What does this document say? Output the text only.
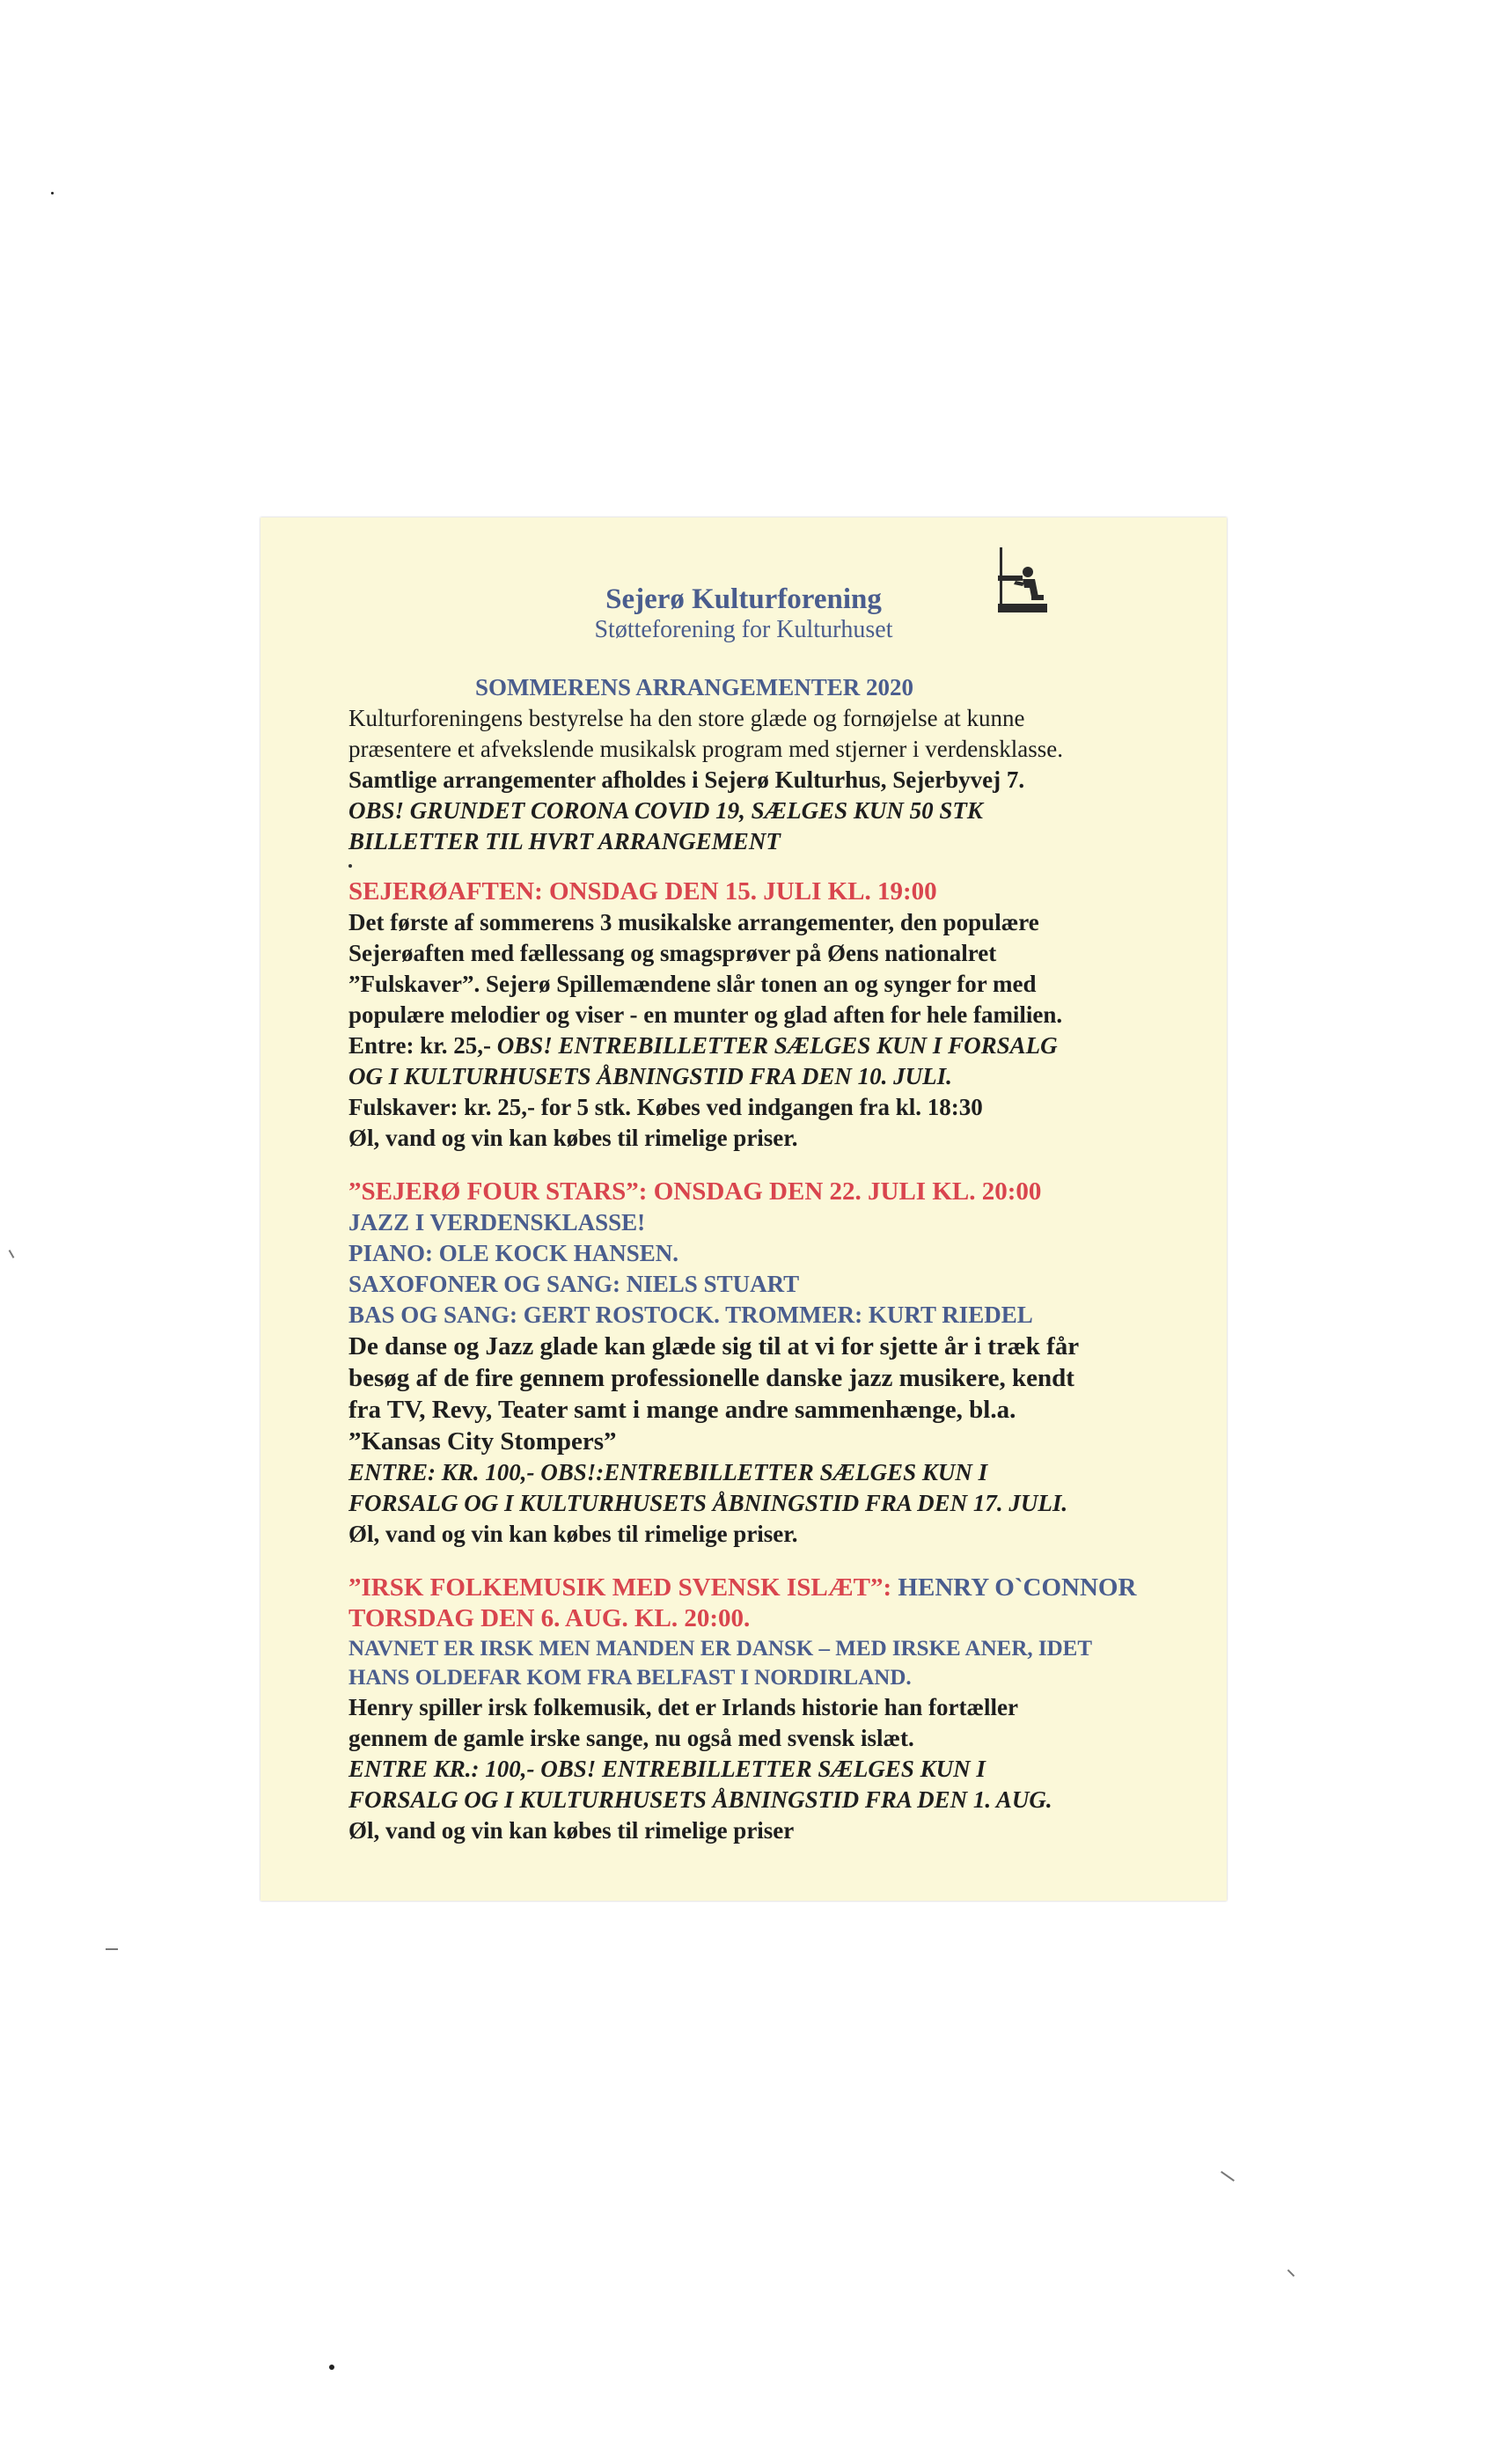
Sejerø Kulturforening
Støtteforening for Kulturhuset
SOMMERENS ARRANGEMENTER 2020
Kulturforeningens bestyrelse ha den store glæde og fornøjelse at kunne
præsentere et afvekslende musikalsk program med stjerner i verdensklasse.
Samtlige arrangementer afholdes i Sejerø Kulturhus, Sejerbyvej 7.
OBS! GRUNDET CORONA COVID 19, SÆLGES KUN 50 STK
BILLETTER TIL HVRT ARRANGEMENT
SEJERØAFTEN: ONSDAG DEN 15. JULI KL. 19:00
Det første af sommerens 3 musikalske arrangementer, den populære
Sejerøaften med fællessang og smagsprøver på Øens nationalret
”Fulskaver”. Sejerø Spillemændene slår tonen an og synger for med
populære melodier og viser - en munter og glad aften for hele familien.
Entre: kr. 25,- OBS! ENTREBILLETTER SÆLGES KUN I FORSALG
OG I KULTURHUSETS ÅBNINGSTID FRA DEN 10. JULI.
Fulskaver: kr. 25,- for 5 stk. Købes ved indgangen fra kl. 18:30
Øl, vand og vin kan købes til rimelige priser.
”SEJERØ FOUR STARS”: ONSDAG DEN 22. JULI KL. 20:00
JAZZ I VERDENSKLASSE!
PIANO: OLE KOCK HANSEN.
SAXOFONER OG SANG: NIELS STUART
BAS OG SANG: GERT ROSTOCK. TROMMER: KURT RIEDEL
De danse og Jazz glade kan glæde sig til at vi for sjette år i træk får
besøg af de fire gennem professionelle danske jazz musikere, kendt
fra TV, Revy, Teater samt i mange andre sammenhænge, bl.a.
”Kansas City Stompers”
ENTRE: KR. 100,- OBS!:ENTREBILLETTER SÆLGES KUN I
FORSALG OG I KULTURHUSETS ÅBNINGSTID FRA DEN 17. JULI.
Øl, vand og vin kan købes til rimelige priser.
”IRSK FOLKEMUSIK MED SVENSK ISLÆT”: HENRY O`CONNOR
TORSDAG DEN 6. AUG. KL. 20:00.
NAVNET ER IRSK MEN MANDEN ER DANSK – MED IRSKE ANER, IDET
HANS OLDEFAR KOM FRA BELFAST I NORDIRLAND.
Henry spiller irsk folkemusik, det er Irlands historie han fortæller
gennem de gamle irske sange, nu også med svensk islæt.
ENTRE KR.: 100,- OBS! ENTREBILLETTER SÆLGES KUN I
FORSALG OG I KULTURHUSETS ÅBNINGSTID FRA DEN 1. AUG.
Øl, vand og vin kan købes til rimelige priser
